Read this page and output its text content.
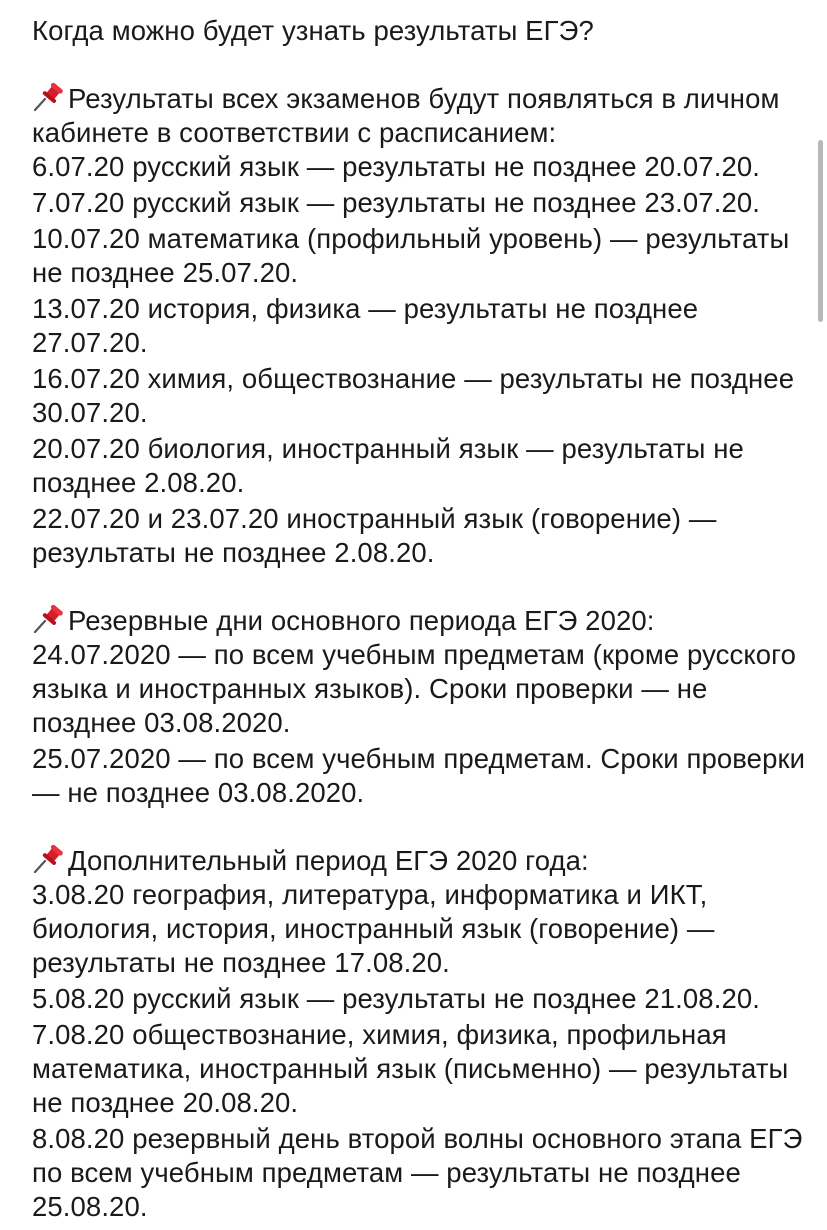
Когда можно будет узнать результаты ЕГЭ?

Результаты всех экзаменов будут появляться в личном кабинете в соответствии с расписанием:

6.07.20 русский язык — результаты не позднее 20.07.20.

7.07.20 русский язык — результаты не позднее 23.07.20.

10.07.20 математика (профильный уровень) — результаты не позднее 25.07.20.

13.07.20 история, физика — результаты не позднее 27.07.20.

16.07.20 химия, обществознание — результаты не позднее 30.07.20.

20.07.20 биология, иностранный язык — результаты не позднее 2.08.20.

22.07.20 и 23.07.20 иностранный язык (говорение) — результаты не позднее 2.08.20.

Резервные дни основного периода ЕГЭ 2020:

24.07.2020 — по всем учебным предметам (кроме русского языка и иностранных языков). Сроки проверки — не позднее 03.08.2020.

25.07.2020 — по всем учебным предметам. Сроки проверки — не позднее 03.08.2020.

Дополнительный период ЕГЭ 2020 года:

3.08.20 география, литература, информатика и ИКТ, биология, история, иностранный язык (говорение) — результаты не позднее 17.08.20.

5.08.20 русский язык — результаты не позднее 21.08.20.

7.08.20 обществознание, химия, физика, профильная математика, иностранный язык (письменно) — результаты не позднее 20.08.20.

8.08.20 резервный день второй волны основного этапа ЕГЭ по всем учебным предметам — результаты не позднее 25.08.20.
